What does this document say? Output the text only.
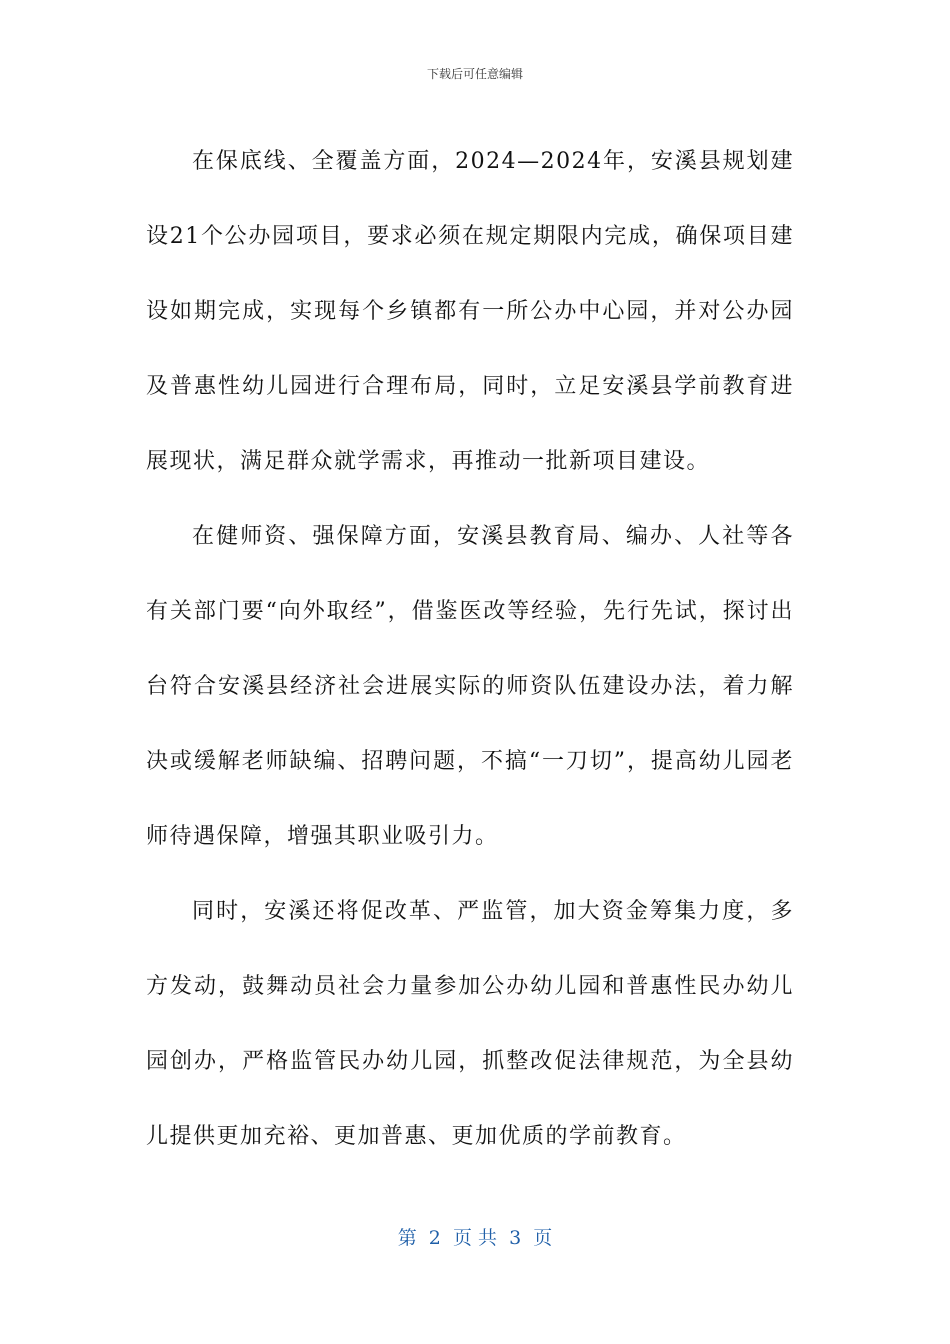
下载后可任意编辑

在保底线、全覆盖方面，2024—2024年，安溪县规划建设21个公办园项目，要求必须在规定期限内完成，确保项目建设如期完成，实现每个乡镇都有一所公办中心园，并对公办园及普惠性幼儿园进行合理布局，同时，立足安溪县学前教育进展现状，满足群众就学需求，再推动一批新项目建设。

在健师资、强保障方面，安溪县教育局、编办、人社等各有关部门要“向外取经”，借鉴医改等经验，先行先试，探讨出台符合安溪县经济社会进展实际的师资队伍建设办法，着力解决或缓解老师缺编、招聘问题，不搞“一刀切”，提高幼儿园老师待遇保障，增强其职业吸引力。

同时，安溪还将促改革、严监管，加大资金筹集力度，多方发动，鼓舞动员社会力量参加公办幼儿园和普惠性民办幼儿园创办，严格监管民办幼儿园，抓整改促法律规范，为全县幼儿提供更加充裕、更加普惠、更加优质的学前教育。

第  2  页 共  3  页
